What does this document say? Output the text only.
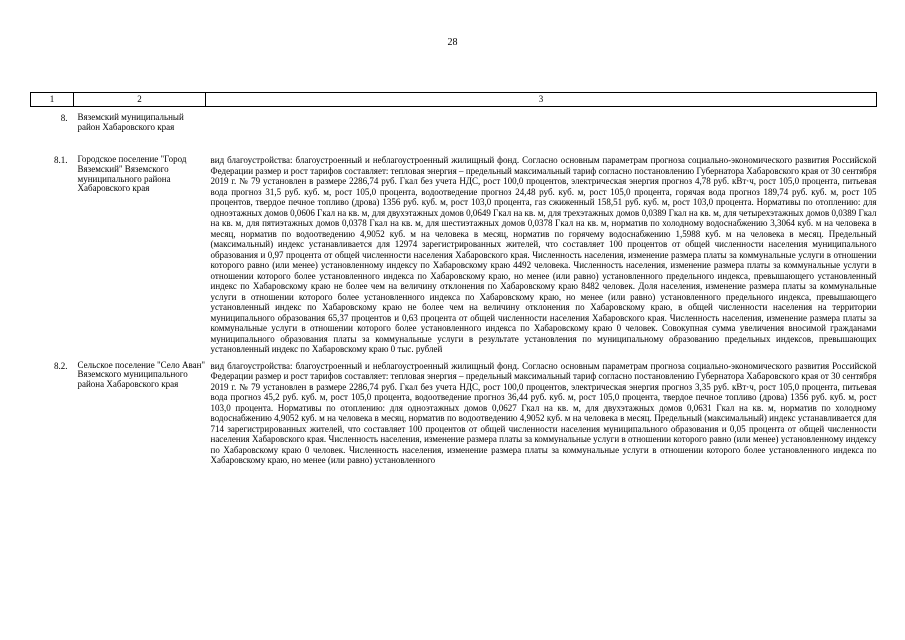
28
1	2	3

8.	Вяземский муниципальный район Хабаровского края	
8.1.	Городское поселение "Город Вяземский" Вяземского муниципального района Хабаровского края	вид благоустройства: благоустроенный и неблагоустроенный жилищный фонд. Согласно основным параметрам прогноза социально-экономического развития Российской Федерации размер и рост тарифов составляет: тепловая энергия – предельный максимальный тариф согласно постановлению Губернатора Хабаровского края от 30 сентября 2019 г. № 79 установлен в размере 2286,74 руб. Гкал без учета НДС, рост 100,0 процентов, электрическая энергия прогноз 4,78 руб. кВт·ч, рост 105,0 процента, питьевая вода прогноз 31,5 руб. куб. м, рост 105,0 процента, водоотведение прогноз 24,48 руб. куб. м, рост 105,0 процента, горячая вода прогноз 189,74 руб. куб. м, рост 105 процентов, твердое печное топливо (дрова) 1356 руб. куб. м, рост 103,0 процента, газ сжиженный 158,51 руб. куб. м, рост 103,0 процента. Нормативы по отоплению: для одноэтажных домов 0,0606 Гкал на кв. м, для двухэтажных домов 0,0649 Гкал на кв. м, для трехэтажных домов 0,0389 Гкал на кв. м, для четырехэтажных домов 0,0389 Гкал на кв. м, для пятиэтажных домов 0,0378 Гкал на кв. м, для шестиэтажных домов 0,0378 Гкал на кв. м, норматив по холодному водоснабжению 3,3064 куб. м на человека в месяц, норматив по водоотведению 4,9052 куб. м на человека в месяц, норматив по горячему водоснабжению 1,5988 куб. м на человека в месяц. Предельный (максимальный) индекс устанавливается для 12974 зарегистрированных жителей, что составляет 100 процентов от общей численности населения муниципального образования и 0,97 процента от общей численности населения Хабаровского края. Численность населения, изменение размера платы за коммунальные услуги в отношении которого равно (или менее) установленному индексу по Хабаровскому краю 4492 человека. Численность населения, изменение размера платы за коммунальные услуги в отношении которого более установленного индекса по Хабаровскому краю, но менее (или равно) установленного предельного индекса, превышающего установленный индекс по Хабаровскому краю не более чем на величину отклонения по Хабаровскому краю 8482 человек. Доля населения, изменение размера платы за коммунальные услуги в отношении которого более установленного индекса по Хабаровскому краю, но менее (или равно) установленного предельного индекса, превышающего установленный индекс по Хабаровскому краю не более чем на величину отклонения по Хабаровскому краю, в общей численности населения на территории муниципального образования 65,37 процентов и 0,63 процента от общей численности населения Хабаровского края. Численность населения, изменение размера платы за коммунальные услуги в отношении которого более установленного индекса по Хабаровскому краю 0 человек. Совокупная сумма увеличения вносимой гражданами муниципального образования платы за коммунальные услуги в результате установления по муниципальному образованию предельных индексов, превышающих установленный индекс по Хабаровскому краю 0 тыс. рублей

8.2.	Сельское поселение "Село Аван" Вяземского муниципального района Хабаровского края	вид благоустройства: благоустроенный и неблагоустроенный жилищный фонд. Согласно основным параметрам прогноза социально-экономического развития Российской Федерации размер и рост тарифов составляет: тепловая энергия – предельный максимальный тариф согласно постановлению Губернатора Хабаровского края от 30 сентября 2019 г. № 79 установлен в размере 2286,74 руб. Гкал без учета НДС, рост 100,0 процентов, электрическая энергия прогноз 3,35 руб. кВт·ч, рост 105,0 процента, питьевая вода прогноз 45,2 руб. куб. м, рост 105,0 процента, водоотведение прогноз 36,44 руб. куб. м, рост 105,0 процента, твердое печное топливо (дрова) 1356 руб. куб. м, рост 103,0 процента. Нормативы по отоплению: для одноэтажных домов 0,0627 Гкал на кв. м, для двухэтажных домов 0,0631 Гкал на кв. м, норматив по холодному водоснабжению 4,9052 куб. м на человека в месяц, норматив по водоотведению 4,9052 куб. м на человека в месяц. Предельный (максимальный) индекс устанавливается для 714 зарегистрированных жителей, что составляет 100 процентов от общей численности населения муниципального образования и 0,05 процента от общей численности населения Хабаровского края. Численность населения, изменение размера платы за коммунальные услуги в отношении которого равно (или менее) установленному индексу по Хабаровскому краю 0 человек. Численность населения, изменение размера платы за коммунальные услуги в отношении которого более установленного индекса по Хабаровскому краю, но менее (или равно) установленного
